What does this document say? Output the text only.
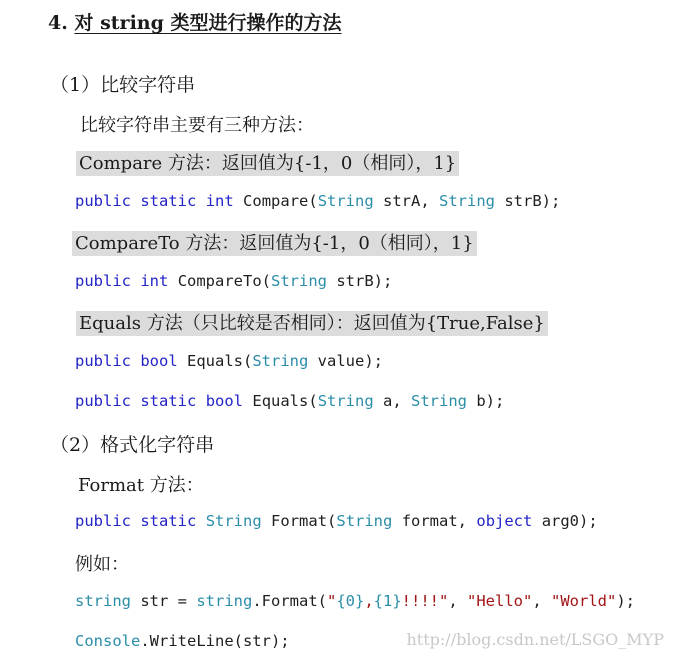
4. 对 string 类型进行操作的方法
（1）比较字符串
比较字符串主要有三种方法：
Compare 方法：返回值为{-1，0（相同），1}
public static int Compare(String strA, String strB);
CompareTo 方法：返回值为{-1，0（相同），1}
public int CompareTo(String strB);
Equals 方法（只比较是否相同）：返回值为{True,False}
public bool Equals(String value);
public static bool Equals(String a, String b);
（2）格式化字符串
Format 方法：
public static String Format(String format, object arg0);
例如：
string str = string.Format("{0},{1}!!!!", "Hello", "World");
Console.WriteLine(str);	http://blog.csdn.net/LSGO_MYP
